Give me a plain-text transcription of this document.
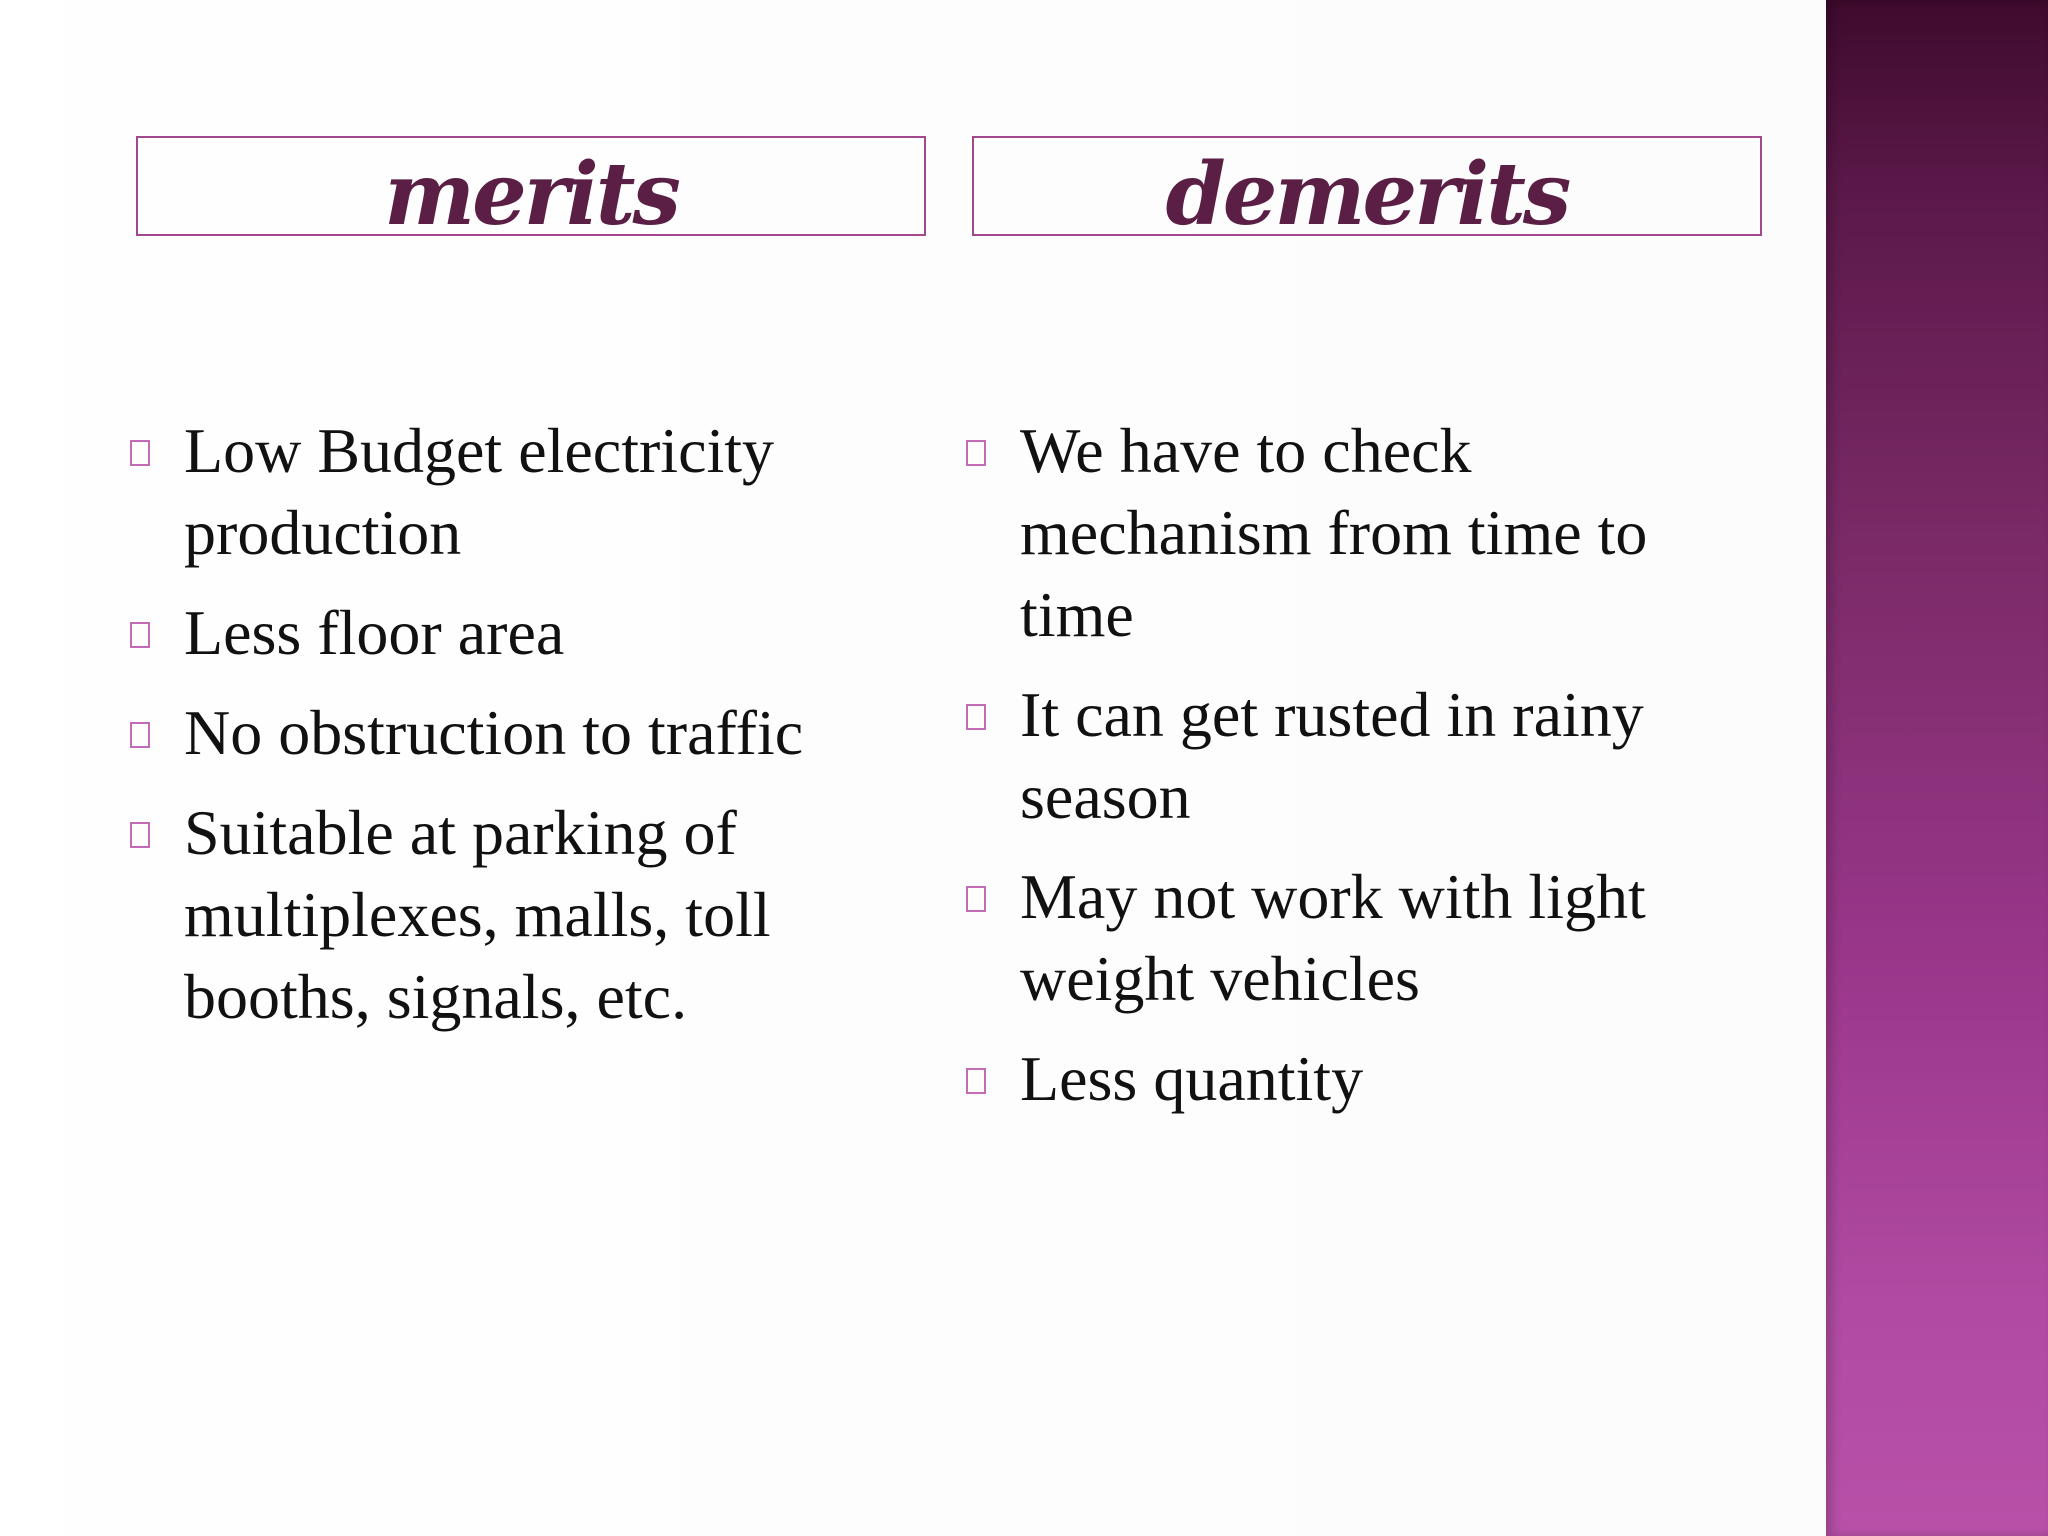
merits	demerits
Low Budget electricity production
Less floor area
No obstruction to traffic
Suitable at parking of multiplexes, malls, toll booths, signals, etc.
We have to check mechanism from time to time
It can get rusted in rainy season
May not work with light weight vehicles
Less quantity
